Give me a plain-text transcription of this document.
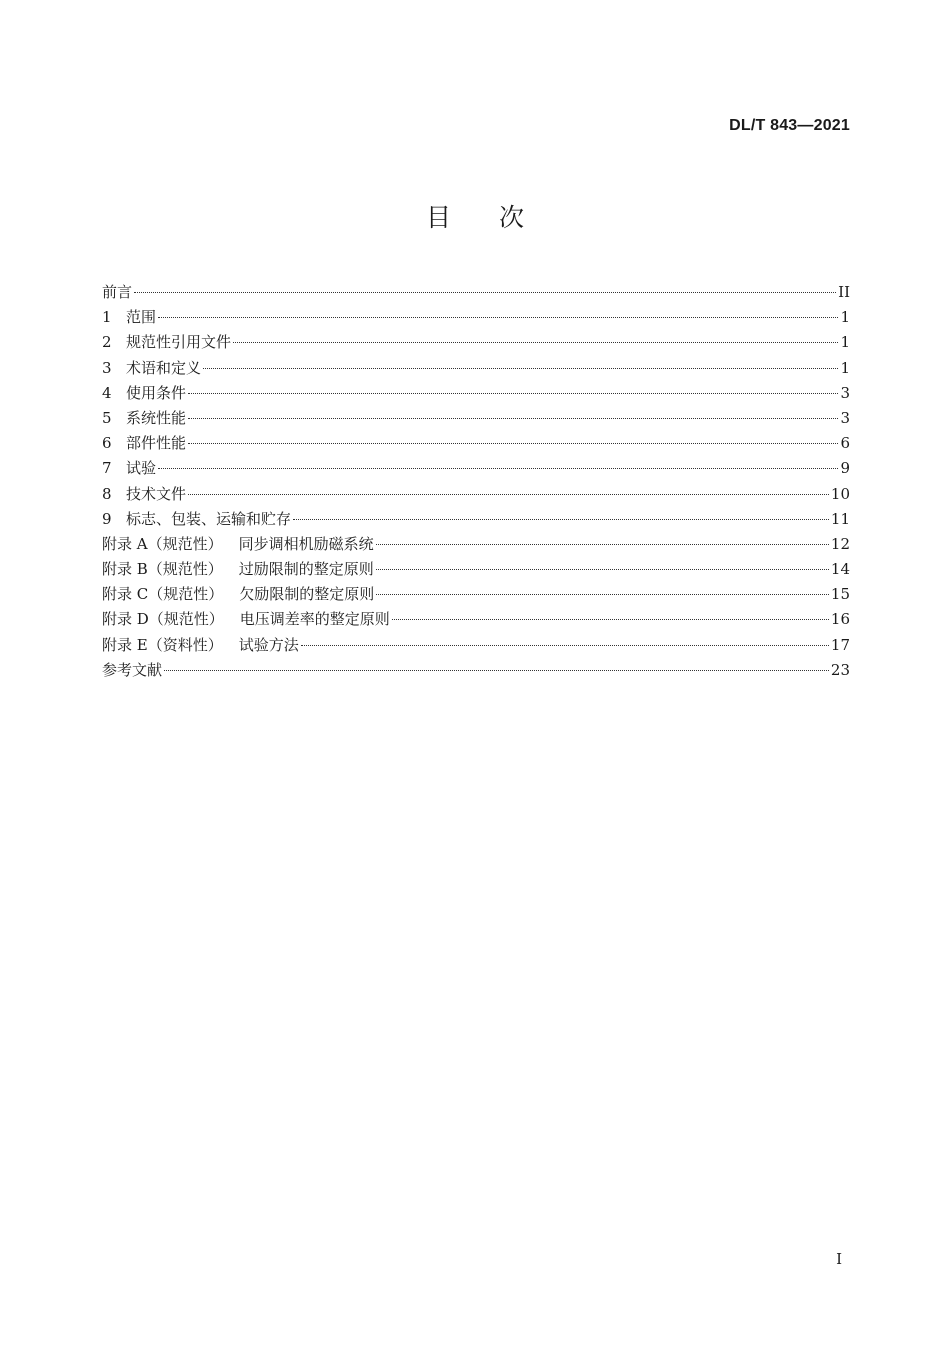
DL/T 843—2021
目次
前言	II
1 范围	1
2 规范性引用文件	1
3 术语和定义	1
4 使用条件	3
5 系统性能	3
6 部件性能	6
7 试验	9
8 技术文件	10
9 标志、包装、运输和贮存	11
附录 A（规范性） 同步调相机励磁系统	12
附录 B（规范性） 过励限制的整定原则	14
附录 C（规范性） 欠励限制的整定原则	15
附录 D（规范性） 电压调差率的整定原则	16
附录 E（资料性） 试验方法	17
参考文献	23
I
